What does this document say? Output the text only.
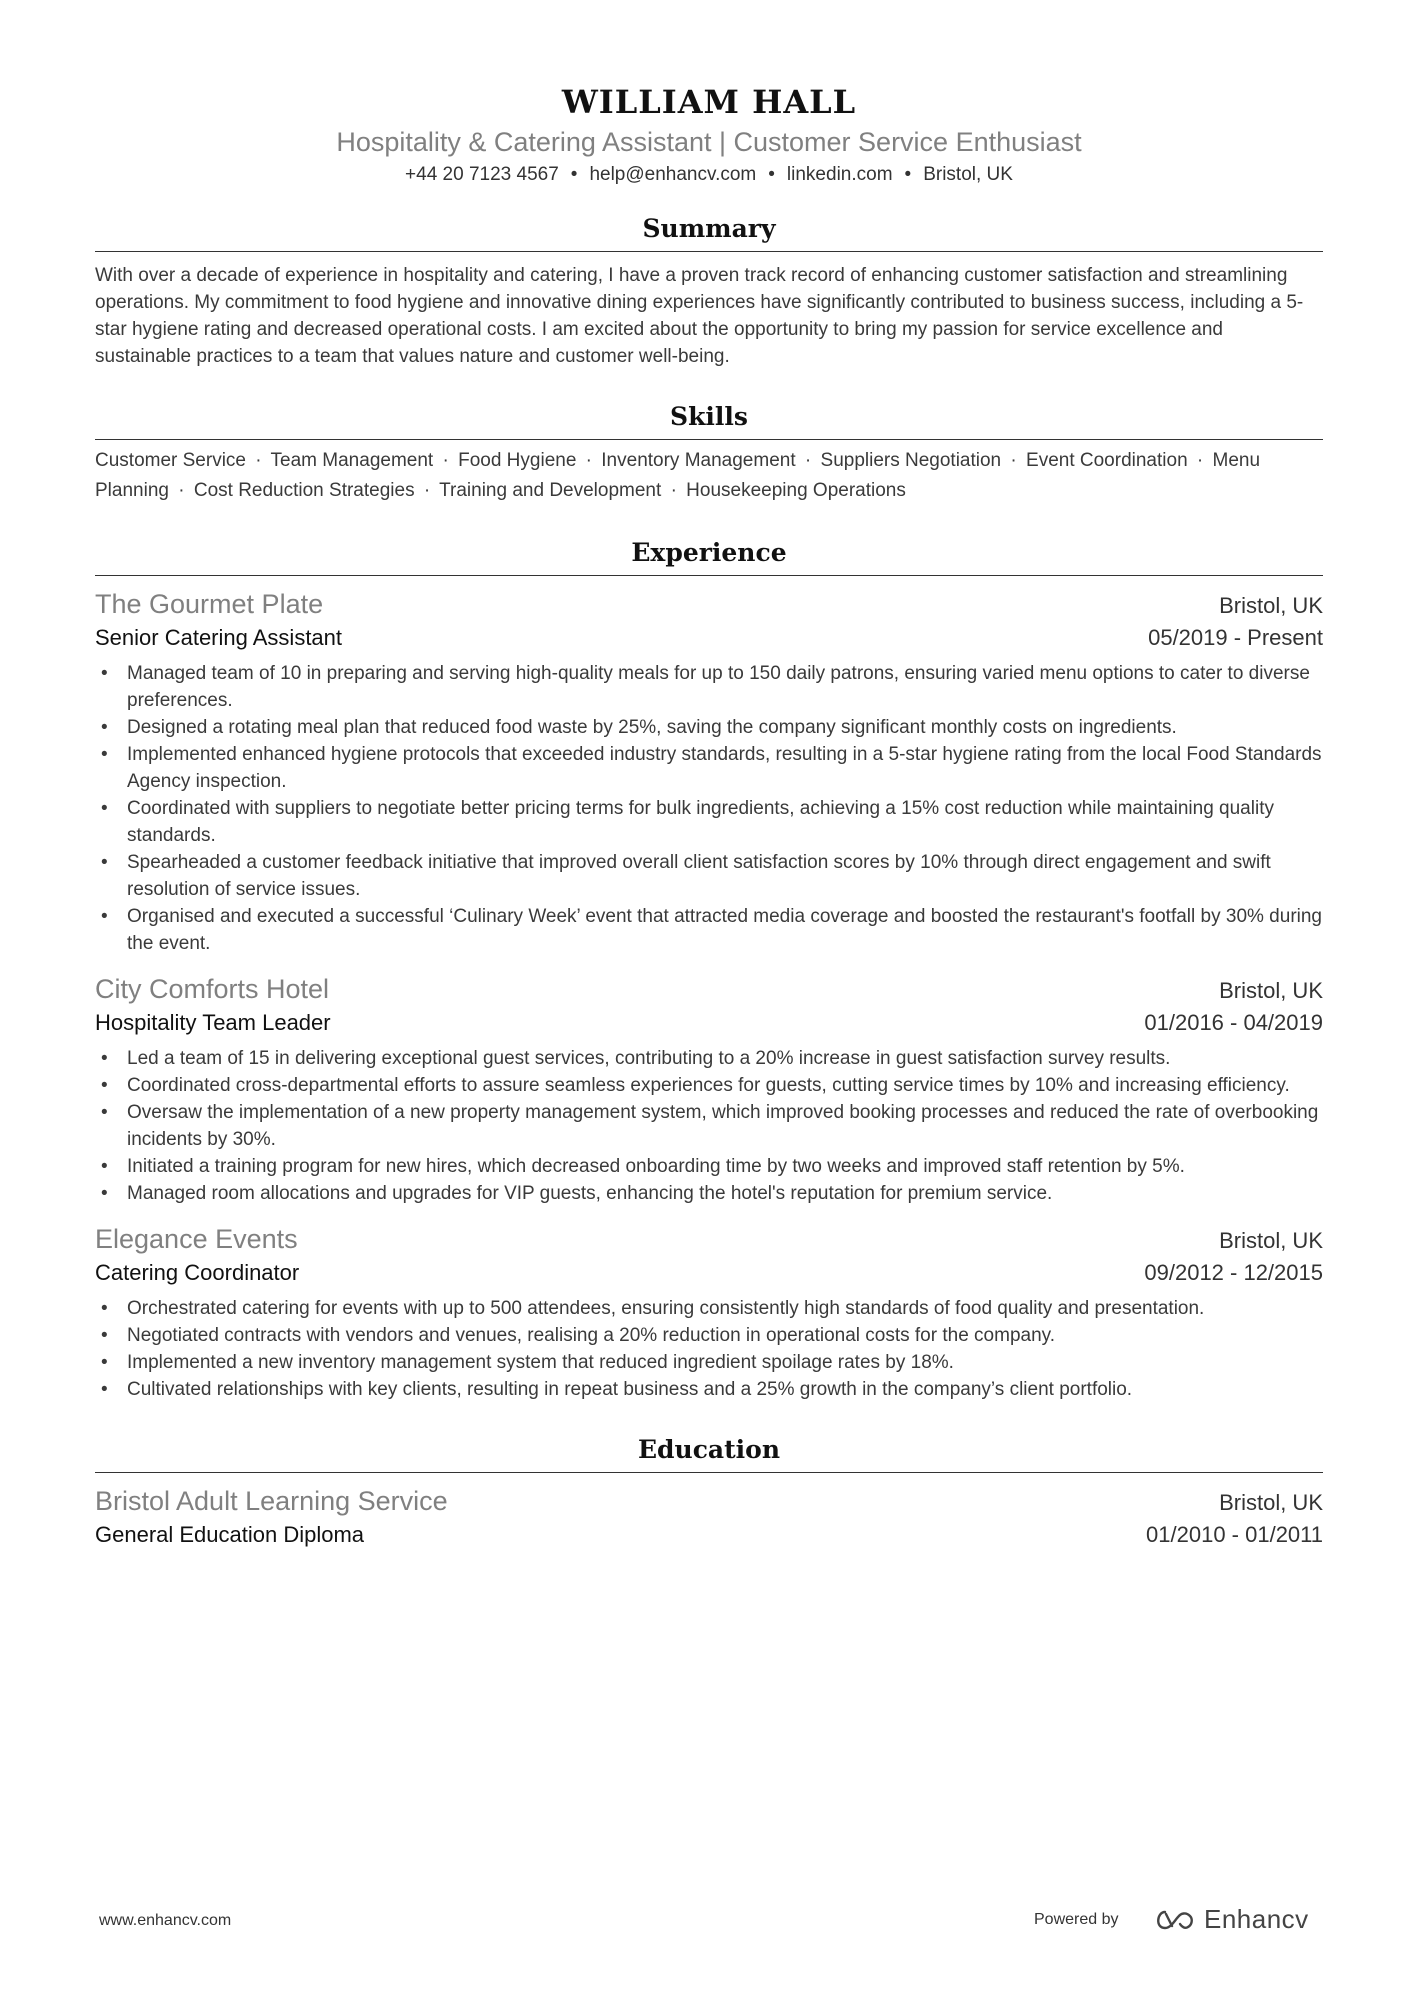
WILLIAM HALL
Hospitality & Catering Assistant | Customer Service Enthusiast
+44 20 7123 4567 • help@enhancv.com • linkedin.com • Bristol, UK
Summary
With over a decade of experience in hospitality and catering, I have a proven track record of enhancing customer satisfaction and streamlining operations. My commitment to food hygiene and innovative dining experiences have significantly contributed to business success, including a 5-star hygiene rating and decreased operational costs. I am excited about the opportunity to bring my passion for service excellence and sustainable practices to a team that values nature and customer well-being.
Skills
Customer Service · Team Management · Food Hygiene · Inventory Management · Suppliers Negotiation · Event Coordination · Menu Planning · Cost Reduction Strategies · Training and Development · Housekeeping Operations
Experience
The Gourmet Plate	Bristol, UK
Senior Catering Assistant	05/2019 - Present
• Managed team of 10 in preparing and serving high-quality meals for up to 150 daily patrons, ensuring varied menu options to cater to diverse preferences.
• Designed a rotating meal plan that reduced food waste by 25%, saving the company significant monthly costs on ingredients.
• Implemented enhanced hygiene protocols that exceeded industry standards, resulting in a 5-star hygiene rating from the local Food Standards Agency inspection.
• Coordinated with suppliers to negotiate better pricing terms for bulk ingredients, achieving a 15% cost reduction while maintaining quality standards.
• Spearheaded a customer feedback initiative that improved overall client satisfaction scores by 10% through direct engagement and swift resolution of service issues.
• Organised and executed a successful ‘Culinary Week’ event that attracted media coverage and boosted the restaurant's footfall by 30% during the event.
City Comforts Hotel	Bristol, UK
Hospitality Team Leader	01/2016 - 04/2019
• Led a team of 15 in delivering exceptional guest services, contributing to a 20% increase in guest satisfaction survey results.
• Coordinated cross-departmental efforts to assure seamless experiences for guests, cutting service times by 10% and increasing efficiency.
• Oversaw the implementation of a new property management system, which improved booking processes and reduced the rate of overbooking incidents by 30%.
• Initiated a training program for new hires, which decreased onboarding time by two weeks and improved staff retention by 5%.
• Managed room allocations and upgrades for VIP guests, enhancing the hotel's reputation for premium service.
Elegance Events	Bristol, UK
Catering Coordinator	09/2012 - 12/2015
• Orchestrated catering for events with up to 500 attendees, ensuring consistently high standards of food quality and presentation.
• Negotiated contracts with vendors and venues, realising a 20% reduction in operational costs for the company.
• Implemented a new inventory management system that reduced ingredient spoilage rates by 18%.
• Cultivated relationships with key clients, resulting in repeat business and a 25% growth in the company’s client portfolio.
Education
Bristol Adult Learning Service	Bristol, UK
General Education Diploma	01/2010 - 01/2011
www.enhancv.com	Powered by	Enhancv
